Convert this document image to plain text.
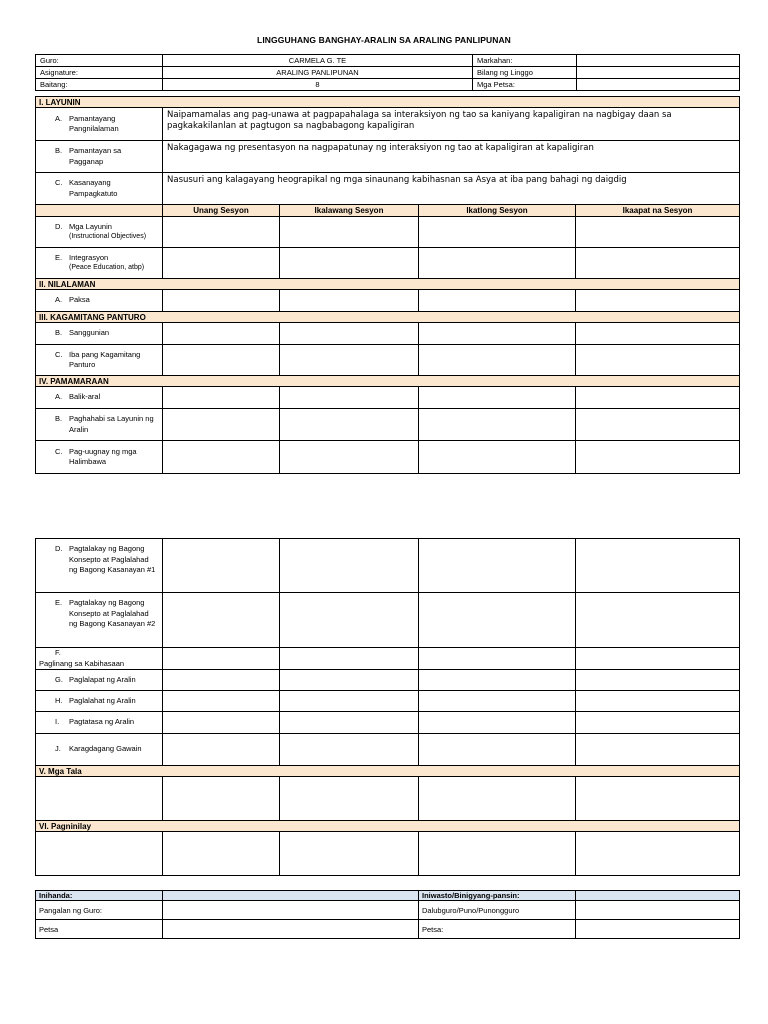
LINGGUHANG BANGHAY-ARALIN SA ARALING PANLIPUNAN
Guro:	CARMELA G. TE	Markahan:	
Asignature:	ARALING PANLIPUNAN	Bilang ng Linggo	
Baitang:	8	Mga Petsa:	
I. LAYUNIN				
A. Pamantayang Pangnilalaman	Naipamamalas ang pag-unawa at pagpapahalaga sa interaksiyon ng tao sa kaniyang kapaligiran na nagbigay daan sa pagkakakilanlan at pagtugon sa nagbabagong kapaligiran			
B. Pamantayan sa Pagganap	Nakagagawa ng presentasyon na nagpapatunay ng interaksiyon ng tao at kapaligiran at kapaligiran			
C. Kasanayang Pampagkatuto	Nasusuri ang kalagayang heograpikal ng mga sinaunang kabihasnan sa Asya at iba pang bahagi ng daigdig			
	Unang Sesyon	Ikalawang Sesyon	Ikatlong Sesyon	Ikaapat na Sesyon
D. Mga Layunin
(Instructional Objectives)				

E. Integrasyon
(Peace Education, atbp)				

II. NILALAMAN				
A. Paksa				
III. KAGAMITANG PANTURO				
B. Sanggunian				
C. Iba pang Kagamitang Panturo				
IV. PAMAMARAAN				
A. Balik-aral				
B. Paghahabi sa Layunin ng Aralin				
C. Pag-uugnay ng mga Halimbawa				
D. Pagtalakay ng Bagong Konsepto at Paglalahad ng Bagong Kasanayan #1				
E. Pagtalakay ng Bagong Konsepto at Paglalahad ng Bagong Kasanayan #2				
F.Paglinang sa Kabihasaan				
G. Paglalapat ng Aralin				
H. Paglalahat ng Aralin				
I. Pagtatasa ng Aralin				
J. Karagdagang Gawain				
V. Mga Tala				

VI. Pagninilay				

Inihanda:		Iniwasto/Binigyang-pansin:	
Pangalan ng Guro:		Dalubguro/Puno/Punongguro	
Petsa		Petsa:	
